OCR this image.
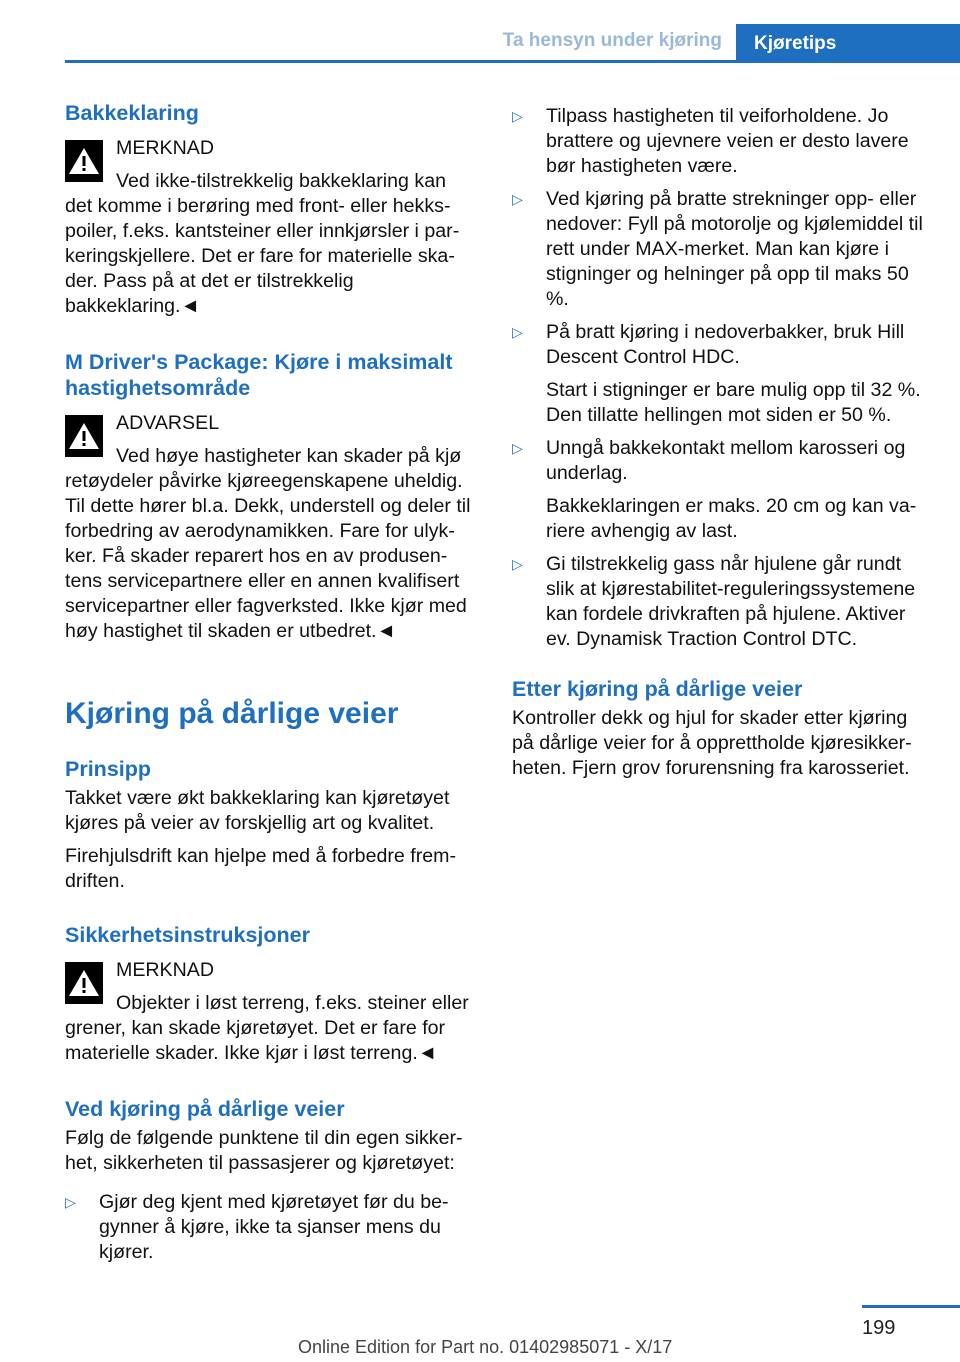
Ta hensyn under kjøring	Kjøretips
Bakkeklaring

MERKNAD

Ved ikke-tilstrekkelig bakkeklaring kan

det komme i berøring med front- eller hekkspoiler, f.eks. kantsteiner eller innkjørsler i parkeringskjellere. Det er fare for materielle skader. Pass på at det er tilstrekkelig bakkeklaring.◄

M Driver's Package: Kjøre i maksimalt hastighetsområde

ADVARSEL

Ved høye hastigheter kan skader på kjø

retøydeler påvirke kjøreegenskapene uheldig. Til dette hører bl.a. Dekk, understell og deler til forbedring av aerodynamikken. Fare for ulykker. Få skader reparert hos en av produsentens servicepartnere eller en annen kvalifisert servicepartner eller fagverksted. Ikke kjør med høy hastighet til skaden er utbedret.◄

Kjøring på dårlige veier
Prinsipp

Takket være økt bakkeklaring kan kjøretøyet kjøres på veier av forskjellig art og kvalitet.

Firehjulsdrift kan hjelpe med å forbedre fremdriften.

Sikkerhetsinstruksjoner

MERKNAD

Objekter i løst terreng, f.eks. steiner eller

grener, kan skade kjøretøyet. Det er fare for materielle skader. Ikke kjør i løst terreng.◄

Ved kjøring på dårlige veier

Følg de følgende punktene til din egen sikkerhet, sikkerheten til passasjerer og kjøretøyet:

▷ Gjør deg kjent med kjøretøyet før du begynner å kjøre, ikke ta sjanser mens du kjører.
▷ Tilpass hastigheten til veiforholdene. Jo brattere og ujevnere veien er desto lavere bør hastigheten være.
▷ Ved kjøring på bratte strekninger opp- eller nedover: Fyll på motorolje og kjølemiddel til rett under MAX-merket. Man kan kjøre i stigninger og helninger på opp til maks 50 %.
▷ På bratt kjøring i nedoverbakker, bruk Hill Descent Control HDC.

Start i stigninger er bare mulig opp til 32 %. Den tillatte hellingen mot siden er 50 %.

▷ Unngå bakkekontakt mellom karosseri og underlag.

Bakkeklaringen er maks. 20 cm og kan variere avhengig av last.

▷ Gi tilstrekkelig gass når hjulene går rundt slik at kjørestabilitet-reguleringssystemene kan fordele drivkraften på hjulene. Aktiver ev. Dynamisk Traction Control DTC.
Etter kjøring på dårlige veier

Kontroller dekk og hjul for skader etter kjøring på dårlige veier for å opprettholde kjøresikkerheten. Fjern grov forurensning fra karosseriet.

199
Online Edition for Part no. 01402985071 - X/17
